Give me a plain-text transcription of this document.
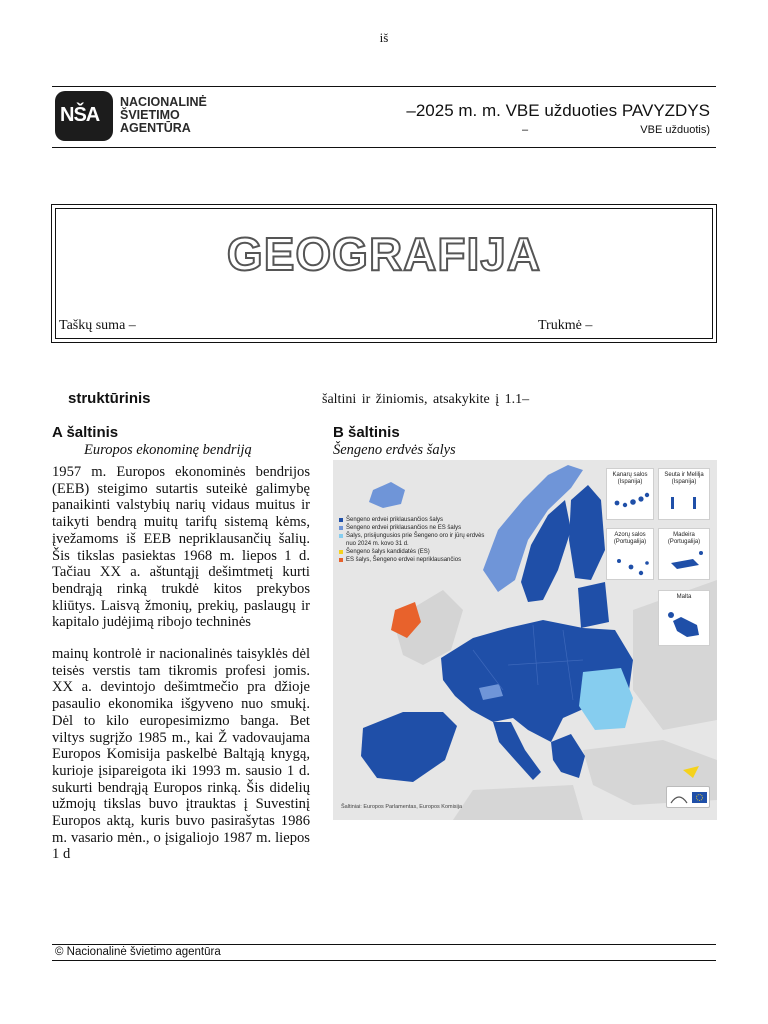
iš
NŠA
NACIONALINĖ
ŠVIETIMO
AGENTŪRA
–2025 m. m. VBE užduoties PAVYZDYS
–	VBE užduotis)
GEOGRAFIJA
Taškų suma –	Trukmė –
struktūrinis	šaltini ir žiniomis, atsakykite į 1.1–
A šaltinis
Europos ekonominę bendriją
1957 m. Europos ekonominės bendrijos (EEB) steigimo sutartis suteikė galimybę panaikinti valstybių narių vidaus muitus ir taikyti bendrą muitų tarifų sistemą kėms, įvežamoms iš EEB nepriklausančių šalių. Šis tikslas pasiektas 1968 m. liepos 1 d. Tačiau XX a. aštuntąjį dešimtmetį kurti bendrąją rinką trukdė kitos prekybos kliūtys. Laisvą žmonių, prekių, paslaugų ir kapitalo judėjimą ribojo techninės
mainų kontrolė ir nacionalinės taisyklės dėl teisės verstis tam tikromis profesi jomis. XX a. devintojo dešimtmečio pra džioje pasaulio ekonomika išgyveno nuo smukį. Dėl to kilo europesimizmo banga. Bet viltys sugrįžo 1985 m., kai Ž vadovaujama Europos Komisija paskelbė Baltąją knygą, kurioje įsipareigota iki 1993 m. sausio 1 d. sukurti bendrąją Europos rinką. Šis didelių užmojų tikslas buvo įtrauktas į Suvestinį Europos aktą, kuris buvo pasirašytas 1986 m. vasario mėn., o įsigaliojo 1987 m. liepos 1 d
B šaltinis
Šengeno erdvės šalys
Šengeno erdvei priklausančios šalys
Šengeno erdvei priklausančios ne ES šalys
Šalys, prisijungusios prie Šengeno oro ir jūrų erdvės nuo 2024 m. kovo 31 d.
Šengeno šalys kandidatės (ES)
ES šalys, Šengeno erdvei nepriklausančios
Kanarų salos
(Ispanija)
Seuta ir Melilja
(Ispanija)
Azorų salos
(Portugalija)
Madeira
(Portugalija)
Malta
Šaltiniai: Europos Parlamentas, Europos Komisija
© Nacionalinė švietimo agentūra
